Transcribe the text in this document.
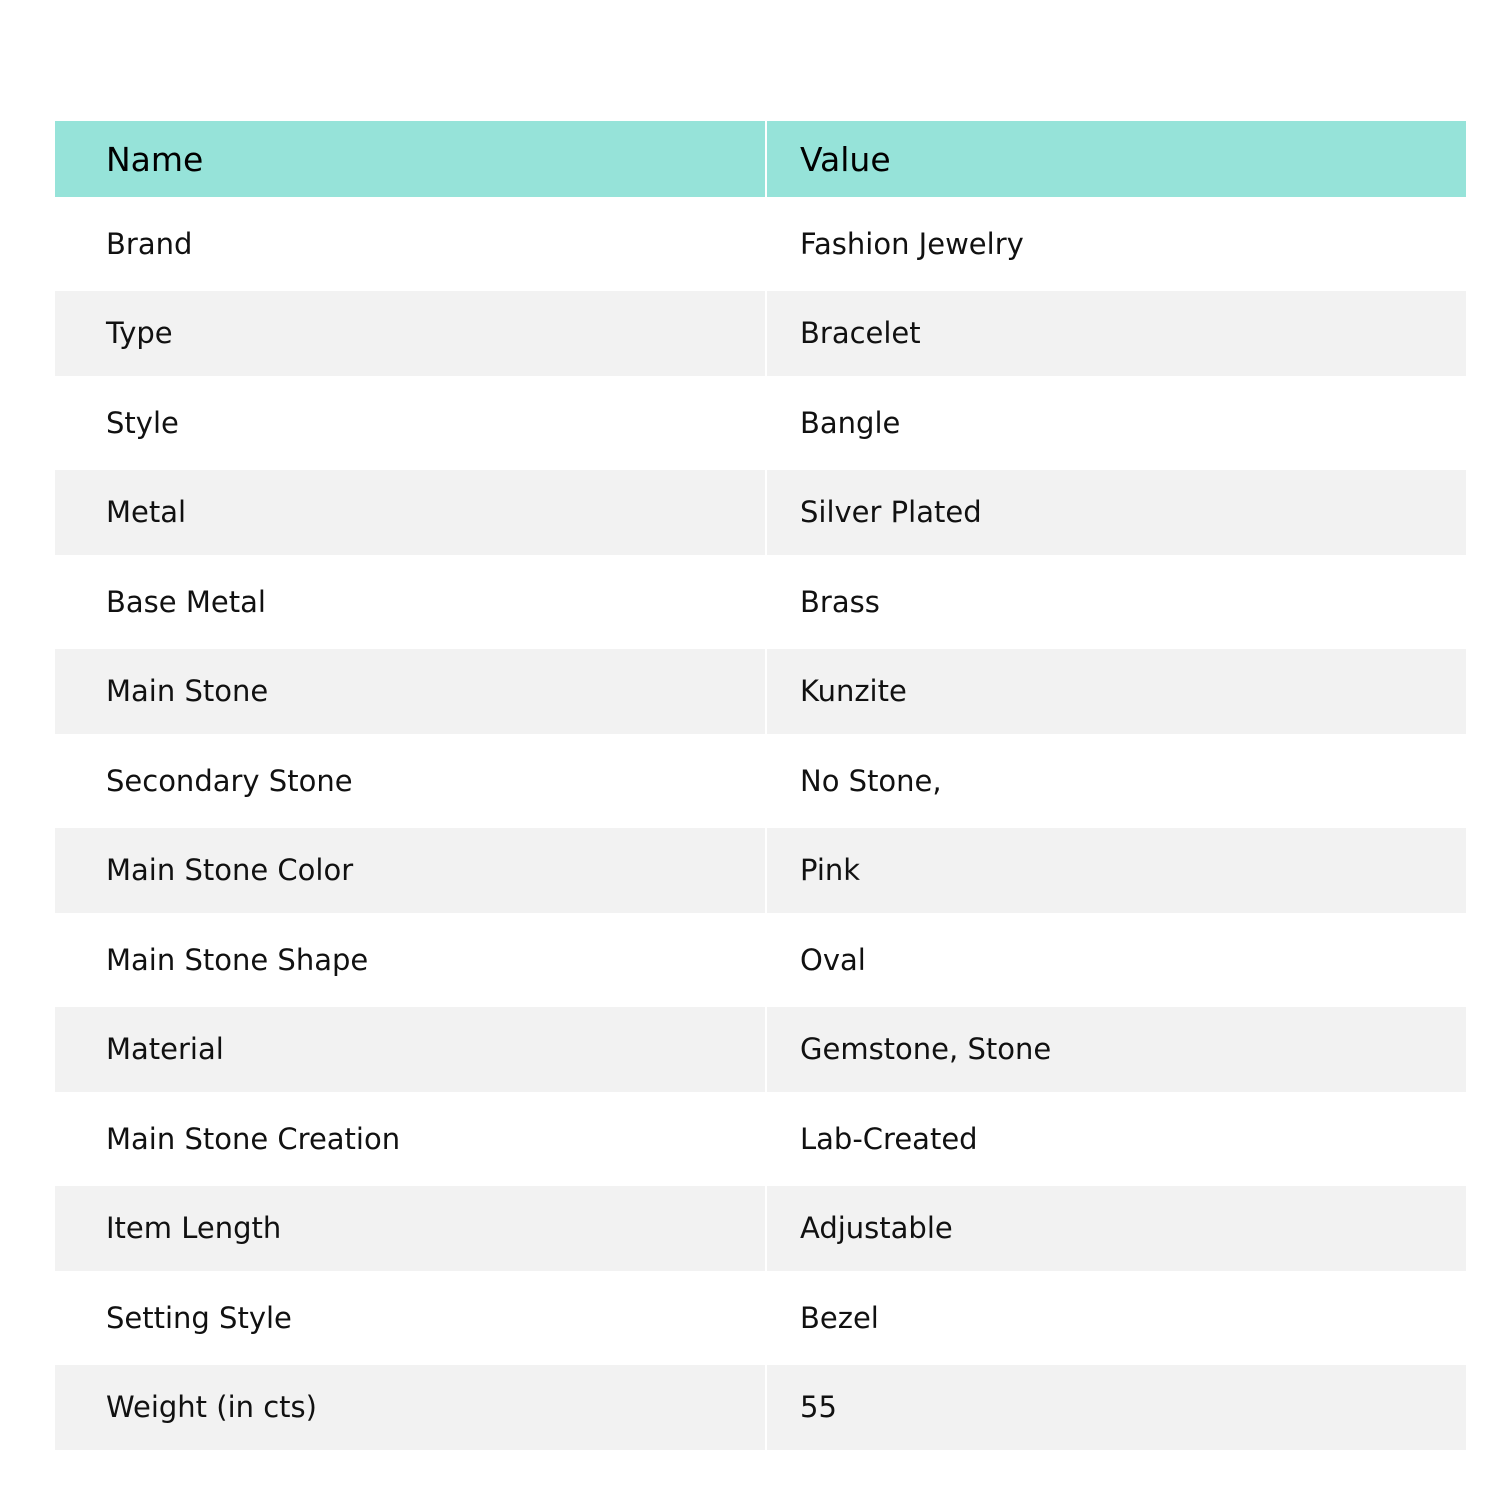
Name	Value
Brand	Fashion Jewelry
Type	Bracelet
Style	Bangle
Metal	Silver Plated
Base Metal	Brass
Main Stone	Kunzite
Secondary Stone	No Stone,
Main Stone Color	Pink
Main Stone Shape	Oval
Material	Gemstone, Stone
Main Stone Creation	Lab-Created
Item Length	Adjustable
Setting Style	Bezel
Weight (in cts)	55
